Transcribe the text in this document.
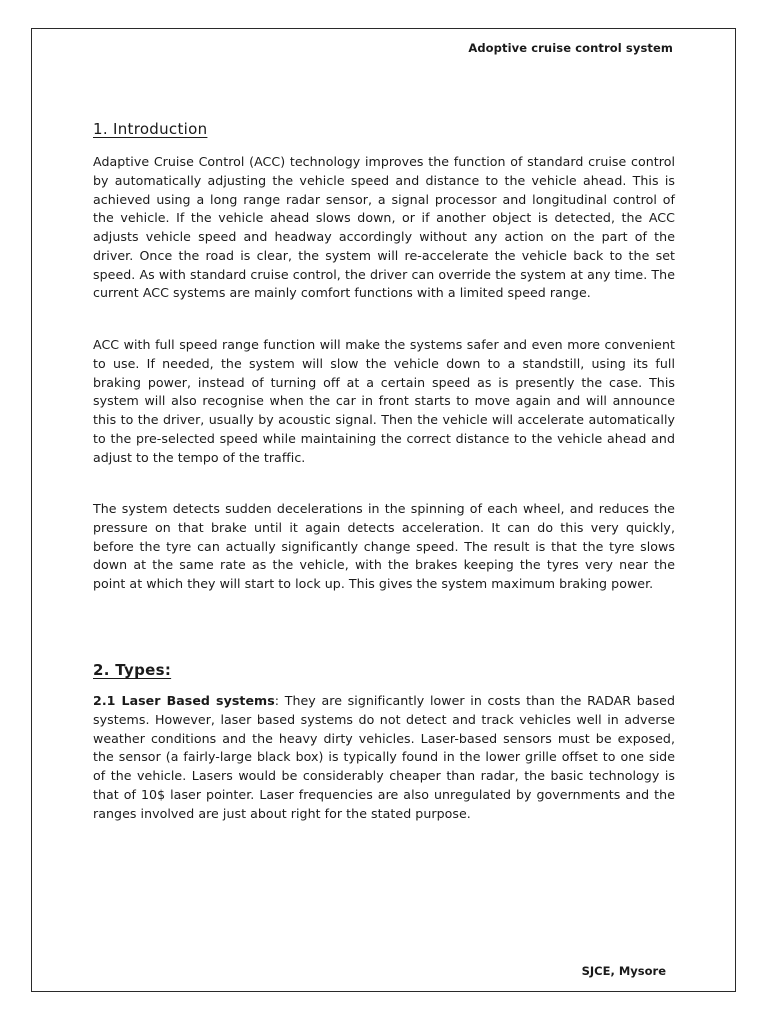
Adoptive cruise control system
1. Introduction

Adaptive Cruise Control (ACC) technology improves the function of standard cruise control by automatically adjusting the vehicle speed and distance to the vehicle ahead. This is achieved using a long range radar sensor, a signal processor and longitudinal control of the vehicle. If the vehicle ahead slows down, or if another object is detected, the ACC adjusts vehicle speed and headway accordingly without any action on the part of the driver. Once the road is clear, the system will re-accelerate the vehicle back to the set speed. As with standard cruise control, the driver can override the system at any time. The current ACC systems are mainly comfort functions with a limited speed range.

ACC with full speed range function will make the systems safer and even more convenient to use. If needed, the system will slow the vehicle down to a standstill, using its full braking power, instead of turning off at a certain speed as is presently the case. This system will also recognise when the car in front starts to move again and will announce this to the driver, usually by acoustic signal. Then the vehicle will accelerate automatically to the pre-selected speed while maintaining the correct distance to the vehicle ahead and adjust to the tempo of the traffic.

The system detects sudden decelerations in the spinning of each wheel, and reduces the pressure on that brake until it again detects acceleration. It can do this very quickly, before the tyre can actually significantly change speed. The result is that the tyre slows down at the same rate as the vehicle, with the brakes keeping the tyres very near the point at which they will start to lock up. This gives the system maximum braking power.

2. Types:

2.1 Laser Based systems: They are significantly lower in costs than the RADAR based systems. However, laser based systems do not detect and track vehicles well in adverse weather conditions and the heavy dirty vehicles. Laser-based sensors must be exposed, the sensor (a fairly-large black box) is typically found in the lower grille offset to one side of the vehicle. Lasers would be considerably cheaper than radar, the basic technology is that of 10$ laser pointer. Laser frequencies are also unregulated by governments and the ranges involved are just about right for the stated purpose.

SJCE, Mysore
